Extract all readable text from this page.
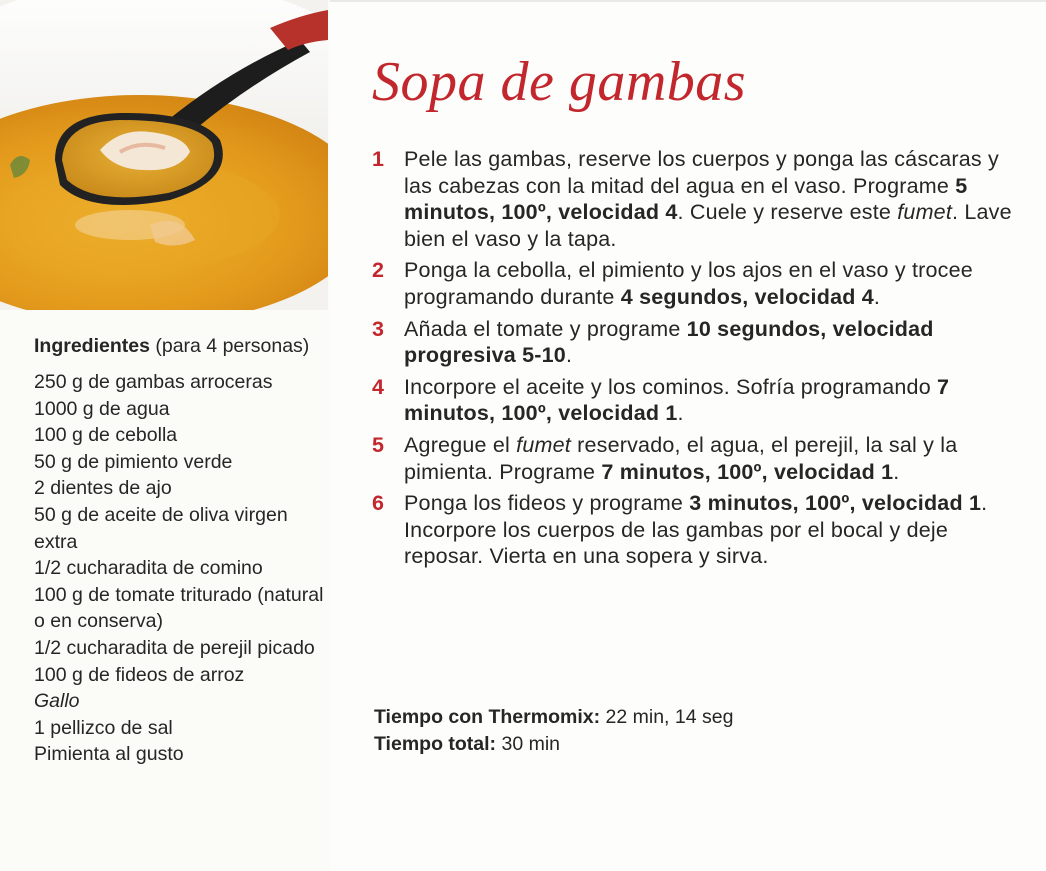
Ingredientes (para 4 personas)
250 g de gambas arroceras
1000 g de agua
100 g de cebolla
50 g de pimiento verde
2 dientes de ajo
50 g de aceite de oliva virgen extra
1/2 cucharadita de comino
100 g de tomate triturado (natural o en conserva)
1/2 cucharadita de perejil picado
100 g de fideos de arroz
Gallo
1 pellizco de sal
Pimienta al gusto
Sopa de gambas
1 Pele las gambas, reserve los cuerpos y ponga las cáscaras y las cabezas con la mitad del agua en el vaso. Programe 5 minutos, 100º, velocidad 4. Cuele y reserve este fumet. Lave bien el vaso y la tapa.
2 Ponga la cebolla, el pimiento y los ajos en el vaso y trocee programando durante 4 segundos, velocidad 4.
3 Añada el tomate y programe 10 segundos, velocidad progresiva 5-10.
4 Incorpore el aceite y los cominos. Sofría programando 7 minutos, 100º, velocidad 1.
5 Agregue el fumet reservado, el agua, el perejil, la sal y la pimienta. Programe 7 minutos, 100º, velocidad 1.
6 Ponga los fideos y programe 3 minutos, 100º, velocidad 1. Incorpore los cuerpos de las gambas por el bocal y deje reposar. Vierta en una sopera y sirva.
Tiempo con Thermomix: 22 min, 14 seg
Tiempo total: 30 min
